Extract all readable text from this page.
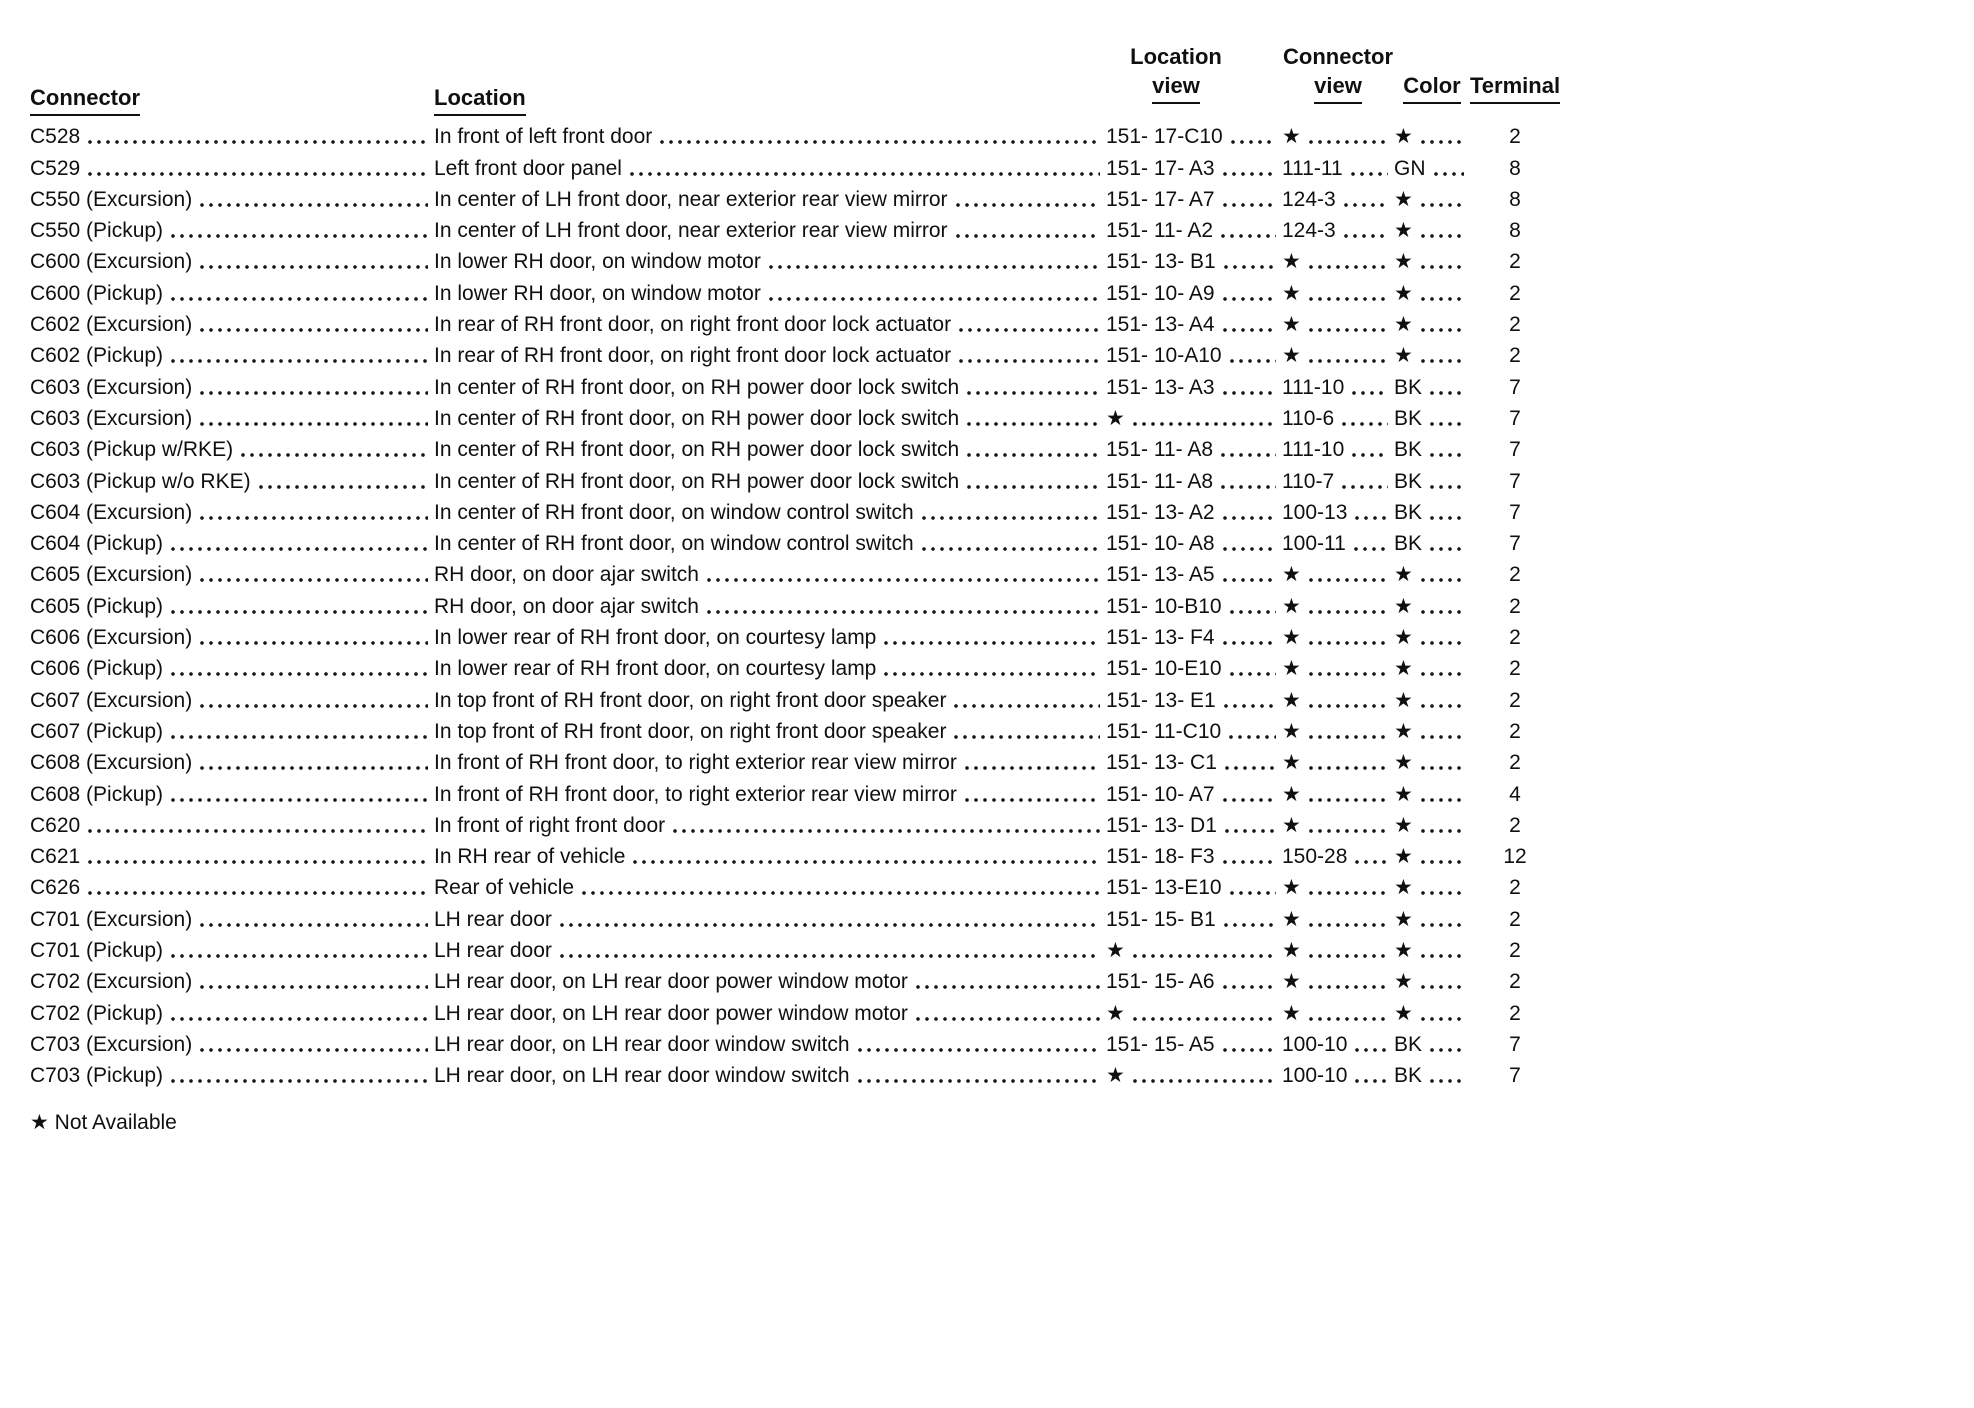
Connector	Location
Location
view
Connector
view	Color Terminal
C528	In front of left front door	151- 17-C10	★	★	2
C529	Left front door panel	151- 17- A3	111-11 GN	8
C550 (Excursion)	In center of LH front door, near exterior rear view mirror	151- 17- A7	124-3	★	8
C550 (Pickup)	In center of LH front door, near exterior rear view mirror	151- 11- A2	124-3	★	8
C600 (Excursion)	In lower RH door, on window motor	151- 13- B1	★	★	2
C600 (Pickup)	In lower RH door, on window motor	151- 10- A9	★	★	2
C602 (Excursion)	In rear of RH front door, on right front door lock actuator	151- 13- A4	★	★	2
C602 (Pickup)	In rear of RH front door, on right front door lock actuator	151- 10-A10	★	★	2
C603 (Excursion)	In center of RH front door, on RH power door lock switch	151- 13- A3	111-10 BK	7
C603 (Excursion)	In center of RH front door, on RH power door lock switch	★	110-6	BK	7
C603 (Pickup w/RKE)	In center of RH front door, on RH power door lock switch	151- 11- A8	111-10 BK	7
C603 (Pickup w/o RKE)	In center of RH front door, on RH power door lock switch	151- 11- A8	110-7	BK	7
C604 (Excursion)	In center of RH front door, on window control switch	151- 13- A2	100-13 BK	7
C604 (Pickup)	In center of RH front door, on window control switch	151- 10- A8	100-11 BK	7
C605 (Excursion)	RH door, on door ajar switch	151- 13- A5	★	★	2
C605 (Pickup)	RH door, on door ajar switch	151- 10-B10	★	★	2
C606 (Excursion)	In lower rear of RH front door, on courtesy lamp	151- 13- F4	★	★	2
C606 (Pickup)	In lower rear of RH front door, on courtesy lamp	151- 10-E10	★	★	2
C607 (Excursion)	In top front of RH front door, on right front door speaker	151- 13- E1	★	★	2
C607 (Pickup)	In top front of RH front door, on right front door speaker	151- 11-C10	★	★	2
C608 (Excursion)	In front of RH front door, to right exterior rear view mirror	151- 13- C1	★	★	2
C608 (Pickup)	In front of RH front door, to right exterior rear view mirror	151- 10- A7	★	★	4
C620	In front of right front door	151- 13- D1	★	★	2
C621	In RH rear of vehicle	151- 18- F3	150-28 ★	12
C626	Rear of vehicle	151- 13-E10	★	★	2
C701 (Excursion)	LH rear door	151- 15- B1	★	★	2
C701 (Pickup)	LH rear door	★	★	★	2
C702 (Excursion)	LH rear door, on LH rear door power window motor	151- 15- A6	★	★	2
C702 (Pickup)	LH rear door, on LH rear door power window motor	★	★	★	2
C703 (Excursion)	LH rear door, on LH rear door window switch	151- 15- A5	100-10 BK	7
C703 (Pickup)	LH rear door, on LH rear door window switch	★	100-10 BK	7
★ Not Available
